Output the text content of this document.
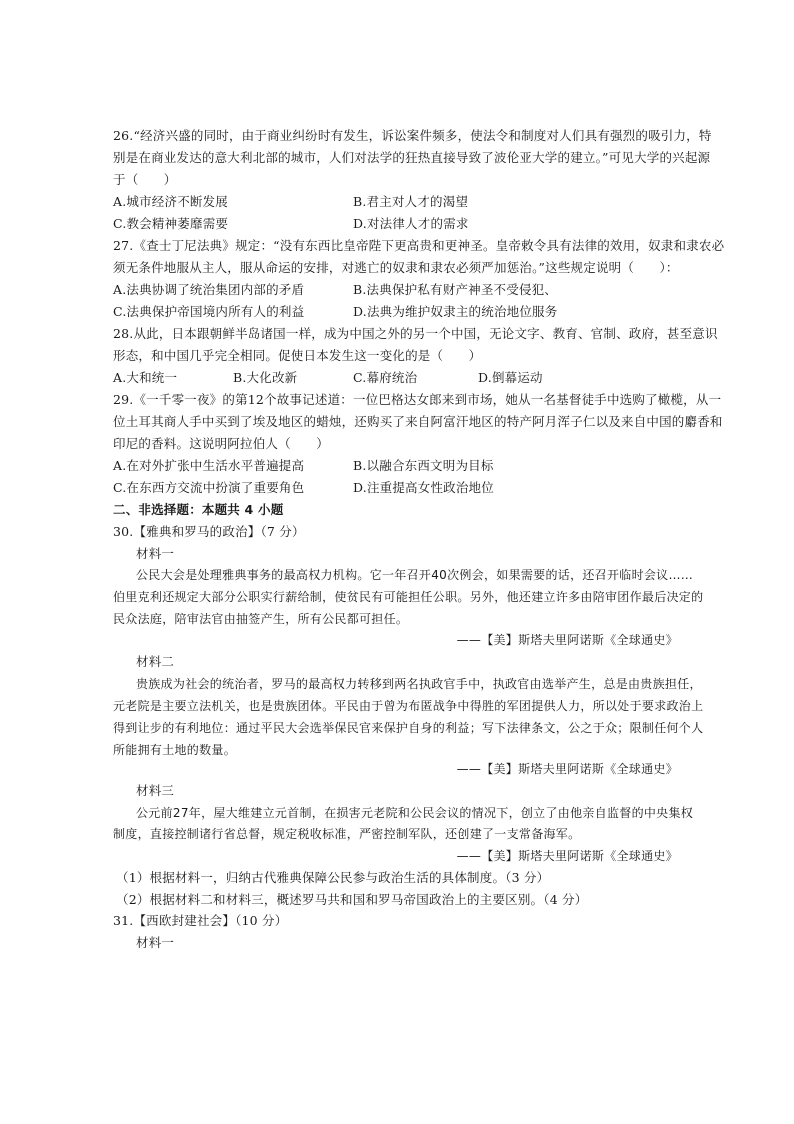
26.“经济兴盛的同时，由于商业纠纷时有发生，诉讼案件频多，使法令和制度对人们具有强烈的吸引力，特
别是在商业发达的意大利北部的城市，人们对法学的狂热直接导致了波伦亚大学的建立。”可见大学的兴起源
于（　　）
A.城市经济不断发展	B.君主对人才的渴望
C.教会精神萎靡需要	D.对法律人才的需求
27.《查士丁尼法典》规定：“没有东西比皇帝陛下更高贵和更神圣。皇帝敕令具有法律的效用，奴隶和隶农必
须无条件地服从主人，服从命运的安排，对逃亡的奴隶和隶农必须严加惩治。”这些规定说明（　　）：
A.法典协调了统治集团内部的矛盾	B.法典保护私有财产神圣不受侵犯、
C.法典保护帝国境内所有人的利益	D.法典为维护奴隶主的统治地位服务
28.从此，日本跟朝鲜半岛诸国一样，成为中国之外的另一个中国，无论文字、教育、官制、政府，甚至意识
形态，和中国几乎完全相同。促使日本发生这一变化的是（　　）
A.大和统一	B.大化改新	C.幕府统治	D.倒幕运动
29.《一千零一夜》的第12个故事记述道：一位巴格达女郎来到市场，她从一名基督徒手中选购了橄榄，从一
位土耳其商人手中买到了埃及地区的蜡烛，还购买了来自阿富汗地区的特产阿月浑子仁以及来自中国的麝香和
印尼的香料。这说明阿拉伯人（　　）
A.在对外扩张中生活水平普遍提高	B.以融合东西文明为目标
C.在东西方交流中扮演了重要角色	D.注重提高女性政治地位
二、非选择题：本题共 4 小题
30.【雅典和罗马的政治】（7 分）
材料一
公民大会是处理雅典事务的最高权力机构。它一年召开40次例会，如果需要的话，还召开临时会议……
伯里克利还规定大部分公职实行薪给制，使贫民有可能担任公职。另外，他还建立许多由陪审团作最后决定的
民众法庭，陪审法官由抽签产生，所有公民都可担任。
——【美】斯塔夫里阿诺斯《全球通史》
材料二
贵族成为社会的统治者，罗马的最高权力转移到两名执政官手中，执政官由选举产生，总是由贵族担任，
元老院是主要立法机关，也是贵族团体。平民由于曾为布匿战争中得胜的军团提供人力，所以处于要求政治上
得到让步的有利地位：通过平民大会选举保民官来保护自身的利益；写下法律条文，公之于众；限制任何个人
所能拥有土地的数量。
——【美】斯塔夫里阿诺斯《全球通史》
材料三
公元前27年，屋大维建立元首制，在损害元老院和公民会议的情况下，创立了由他亲自监督的中央集权
制度，直接控制诸行省总督，规定税收标准，严密控制军队，还创建了一支常备海军。
——【美】斯塔夫里阿诺斯《全球通史》
（1）根据材料一，归纳古代雅典保障公民参与政治生活的具体制度。（3 分）
（2）根据材料二和材料三，概述罗马共和国和罗马帝国政治上的主要区别。（4 分）
31.【西欧封建社会】（10 分）
材料一
